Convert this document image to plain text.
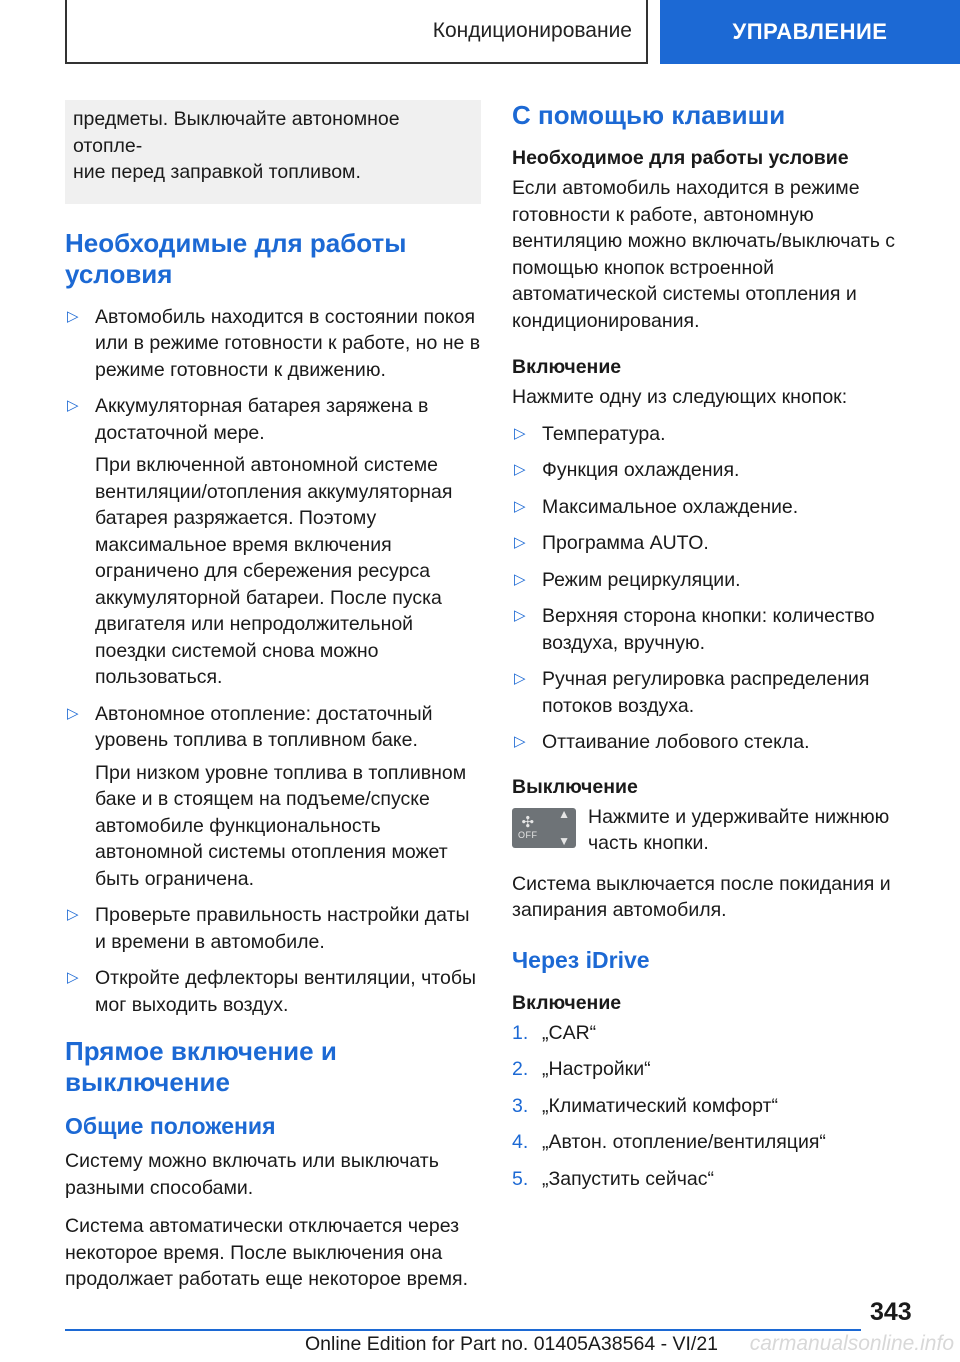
Кондиционирование	УПРАВЛЕНИЕ

предметы. Выключайте автономное отопле-

ние перед заправкой топливом.

Необходимые для работы условия
▷ Автомобиль находится в состоянии покоя или в режиме готовности к работе, но не в режиме готовности к движению.
▷ Аккумуляторная батарея заряжена в достаточной мере.

При включенной автономной системе вентиляции/отопления аккумуляторная батарея разряжается. Поэтому максимальное время включения ограничено для сбережения ресурса аккумуляторной батареи. После пуска двигателя или непродолжительной поездки системой снова можно пользоваться.

▷ Автономное отопление: достаточный уровень топлива в топливном баке.

При низком уровне топлива в топливном баке и в стоящем на подъеме/спуске автомобиле функциональность автономной системы отопления может быть ограничена.

▷ Проверьте правильность настройки даты и времени в автомобиле.
▷ Откройте дефлекторы вентиляции, чтобы мог выходить воздух.
Прямое включение и выключение
Общие положения

Систему можно включать или выключать разными способами.

Система автоматически отключается через некоторое время. После выключения она продолжает работать еще некоторое время.

С помощью клавиши
Необходимое для работы условие

Если автомобиль находится в режиме готовности к работе, автономную вентиляцию можно включать/выключать с помощью кнопок встроенной автоматической системы отопления и кондиционирования.

Включение

Нажмите одну из следующих кнопок:

▷ Температура.
▷ Функция охлаждения.
▷ Максимальное охлаждение.
▷ Программа AUTO.
▷ Режим рециркуляции.
▷ Верхняя сторона кнопки: количество воздуха, вручную.
▷ Ручная регулировка распределения потоков воздуха.
▷ Оттаивание лобового стекла.
Выключение
✣
OFF
▲
▼

Нажмите и удерживайте нижнюю часть кнопки.

Система выключается после покидания и запирания автомобиля.

Через iDrive
Включение
1. „CAR“
2. „Настройки“
3. „Климатический комфорт“
4. „Автон. отопление/вентиляция“
5. „Запустить сейчас“
343
Online Edition for Part no. 01405A38564 - VI/21 carmanualsonline.info
